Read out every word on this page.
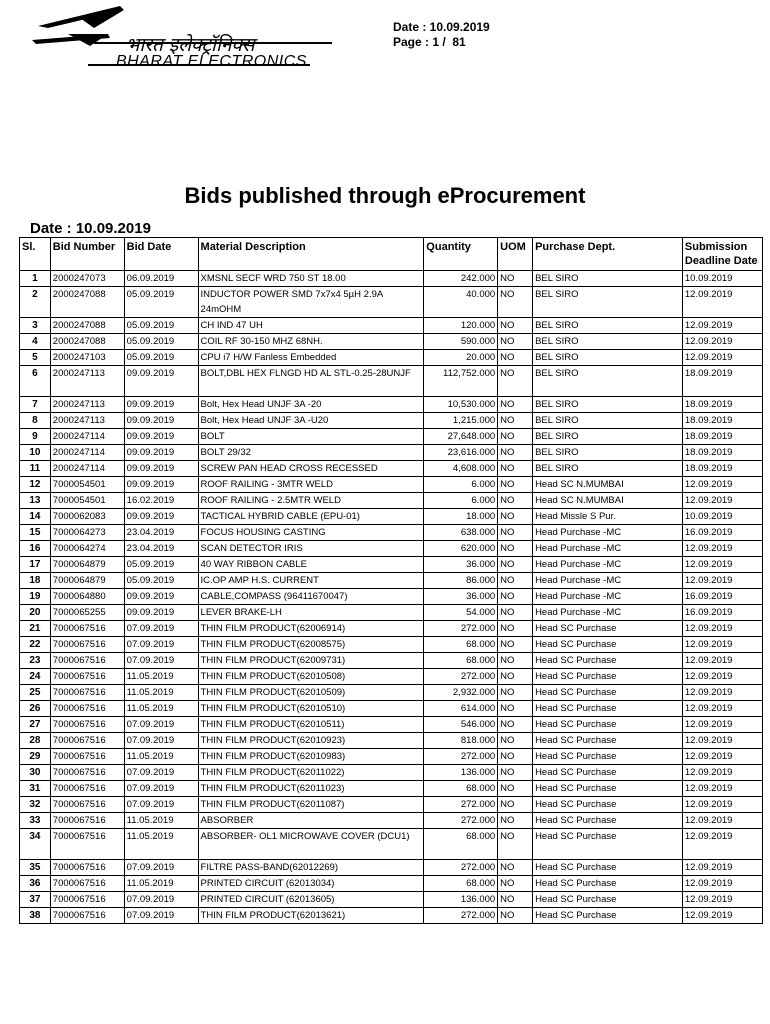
भारत इलेक्ट्रॉनिक्स
BHARAT ELECTRONICS
Date : 10.09.2019
Page : 1 /  81
Bids published through eProcurement
Date : 10.09.2019
Sl.	Bid Number	Bid Date	Material Description	Quantity	UOM	Purchase Dept.	Submission Deadline Date
1	2000247073	06.09.2019	XMSNL SECF WRD 750 ST 18.00	242.000	NO	BEL SIRO	10.09.2019
2	2000247088	05.09.2019	INDUCTOR POWER SMD 7x7x4 5µH 2.9A 24mOHM	40.000	NO	BEL SIRO	12.09.2019
3	2000247088	05.09.2019	CH IND 47 UH	120.000	NO	BEL SIRO	12.09.2019
4	2000247088	05.09.2019	COIL RF 30-150 MHZ 68NH.	590.000	NO	BEL SIRO	12.09.2019
5	2000247103	05.09.2019	CPU i7 H/W Fanless Embedded	20.000	NO	BEL SIRO	12.09.2019
6	2000247113	09.09.2019	BOLT,DBL HEX FLNGD HD AL STL-0.25-28UNJF	112,752.000	NO	BEL SIRO	18.09.2019
7	2000247113	09.09.2019	Bolt, Hex Head UNJF 3A -20	10,530.000	NO	BEL SIRO	18.09.2019
8	2000247113	09.09.2019	Bolt, Hex Head UNJF 3A -U20	1,215.000	NO	BEL SIRO	18.09.2019
9	2000247114	09.09.2019	BOLT	27,648.000	NO	BEL SIRO	18.09.2019
10	2000247114	09.09.2019	BOLT 29/32	23,616.000	NO	BEL SIRO	18.09.2019
11	2000247114	09.09.2019	SCREW PAN HEAD CROSS RECESSED	4,608.000	NO	BEL SIRO	18.09.2019
12	7000054501	09.09.2019	ROOF RAILING - 3MTR WELD	6.000	NO	Head SC N.MUMBAI	12.09.2019
13	7000054501	16.02.2019	ROOF RAILING - 2.5MTR WELD	6.000	NO	Head SC N.MUMBAI	12.09.2019
14	7000062083	09.09.2019	TACTICAL HYBRID CABLE (EPU-01)	18.000	NO	Head Missle S Pur.	10.09.2019
15	7000064273	23.04.2019	FOCUS HOUSING CASTING	638.000	NO	Head Purchase -MC	16.09.2019
16	7000064274	23.04.2019	SCAN DETECTOR IRIS	620.000	NO	Head Purchase -MC	12.09.2019
17	7000064879	05.09.2019	40 WAY RIBBON CABLE	36.000	NO	Head Purchase -MC	12.09.2019
18	7000064879	05.09.2019	IC.OP AMP H.S. CURRENT	86.000	NO	Head Purchase -MC	12.09.2019
19	7000064880	09.09.2019	CABLE,COMPASS (96411670047)	36.000	NO	Head Purchase -MC	16.09.2019
20	7000065255	09.09.2019	LEVER BRAKE-LH	54.000	NO	Head Purchase -MC	16.09.2019
21	7000067516	07.09.2019	THIN FILM PRODUCT(62006914)	272.000	NO	Head SC Purchase	12.09.2019
22	7000067516	07.09.2019	THIN FILM PRODUCT(62008575)	68.000	NO	Head SC Purchase	12.09.2019
23	7000067516	07.09.2019	THIN FILM PRODUCT(62009731)	68.000	NO	Head SC Purchase	12.09.2019
24	7000067516	11.05.2019	THIN FILM PRODUCT(62010508)	272.000	NO	Head SC Purchase	12.09.2019
25	7000067516	11.05.2019	THIN FILM PRODUCT(62010509)	2,932.000	NO	Head SC Purchase	12.09.2019
26	7000067516	11.05.2019	THIN FILM PRODUCT(62010510)	614.000	NO	Head SC Purchase	12.09.2019
27	7000067516	07.09.2019	THIN FILM PRODUCT(62010511)	546.000	NO	Head SC Purchase	12.09.2019
28	7000067516	07.09.2019	THIN FILM PRODUCT(62010923)	818.000	NO	Head SC Purchase	12.09.2019
29	7000067516	11.05.2019	THIN FILM PRODUCT(62010983)	272.000	NO	Head SC Purchase	12.09.2019
30	7000067516	07.09.2019	THIN FILM PRODUCT(62011022)	136.000	NO	Head SC Purchase	12.09.2019
31	7000067516	07.09.2019	THIN FILM PRODUCT(62011023)	68.000	NO	Head SC Purchase	12.09.2019
32	7000067516	07.09.2019	THIN FILM PRODUCT(62011087)	272.000	NO	Head SC Purchase	12.09.2019
33	7000067516	11.05.2019	ABSORBER	272.000	NO	Head SC Purchase	12.09.2019
34	7000067516	11.05.2019	ABSORBER- OL1 MICROWAVE COVER (DCU1)	68.000	NO	Head SC Purchase	12.09.2019
35	7000067516	07.09.2019	FILTRE PASS-BAND(62012269)	272.000	NO	Head SC Purchase	12.09.2019
36	7000067516	11.05.2019	PRINTED CIRCUIT (62013034)	68.000	NO	Head SC Purchase	12.09.2019
37	7000067516	07.09.2019	PRINTED CIRCUIT (62013605)	136.000	NO	Head SC Purchase	12.09.2019
38	7000067516	07.09.2019	THIN FILM PRODUCT(62013621)	272.000	NO	Head SC Purchase	12.09.2019
